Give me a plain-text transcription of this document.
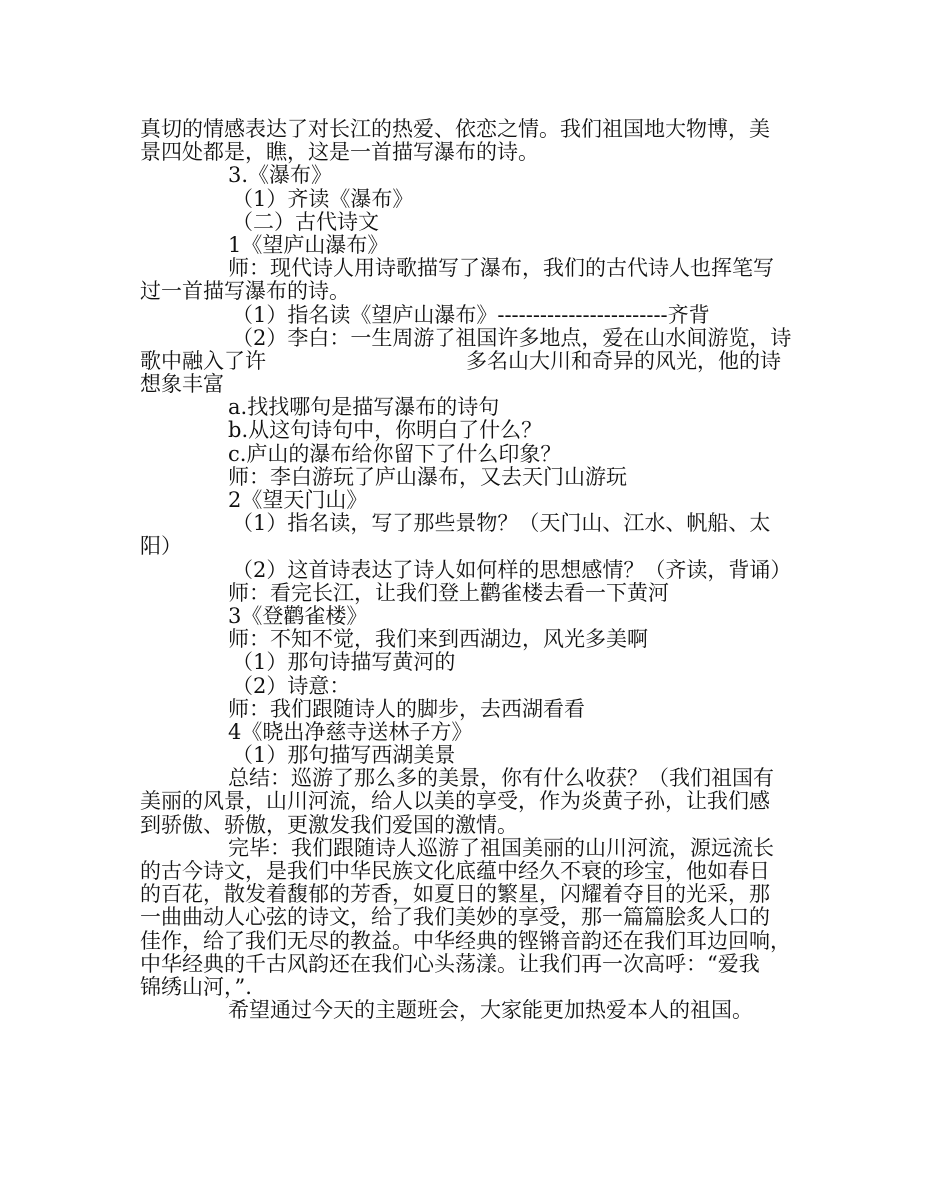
真切的情感表达了对长江的热爱、依恋之情。我们祖国地大物博，美
景四处都是，瞧，这是一首描写瀑布的诗。
3.《瀑布》
（1）齐读《瀑布》
（二）古代诗文
1《望庐山瀑布》
师：现代诗人用诗歌描写了瀑布，我们的古代诗人也挥笔写
过一首描写瀑布的诗。
（1）指名读《望庐山瀑布》------------------------齐背
（2）李白：一生周游了祖国许多地点，爱在山水间游览，诗
歌中融入了许	多名山大川和奇异的风光，他的诗
想象丰富
a.找找哪句是描写瀑布的诗句
b.从这句诗句中，你明白了什么？
c.庐山的瀑布给你留下了什么印象？
师：李白游玩了庐山瀑布，又去天门山游玩
2《望天门山》
（1）指名读，写了那些景物？（天门山、江水、帆船、太
阳）
（2）这首诗表达了诗人如何样的思想感情？（齐读，背诵）
师：看完长江，让我们登上鹳雀楼去看一下黄河
3《登鹳雀楼》
师：不知不觉，我们来到西湖边，风光多美啊
（1）那句诗描写黄河的
（2）诗意：
师：我们跟随诗人的脚步，去西湖看看
4《晓出净慈寺送林子方》
（1）那句描写西湖美景
总结：巡游了那么多的美景，你有什么收获？（我们祖国有
美丽的风景，山川河流，给人以美的享受，作为炎黄子孙，让我们感
到骄傲、骄傲，更激发我们爱国的激情。
完毕：我们跟随诗人巡游了祖国美丽的山川河流，源远流长
的古今诗文，是我们中华民族文化底蕴中经久不衰的珍宝，他如春日
的百花，散发着馥郁的芳香，如夏日的繁星，闪耀着夺目的光采，那
一曲曲动人心弦的诗文，给了我们美妙的享受，那一篇篇脍炙人口的
佳作，给了我们无尽的教益。中华经典的铿锵音韵还在我们耳边回响，
中华经典的千古风韵还在我们心头荡漾。让我们再一次高呼：“爱我
锦绣山河，”.
希望通过今天的主题班会，大家能更加热爱本人的祖国。
